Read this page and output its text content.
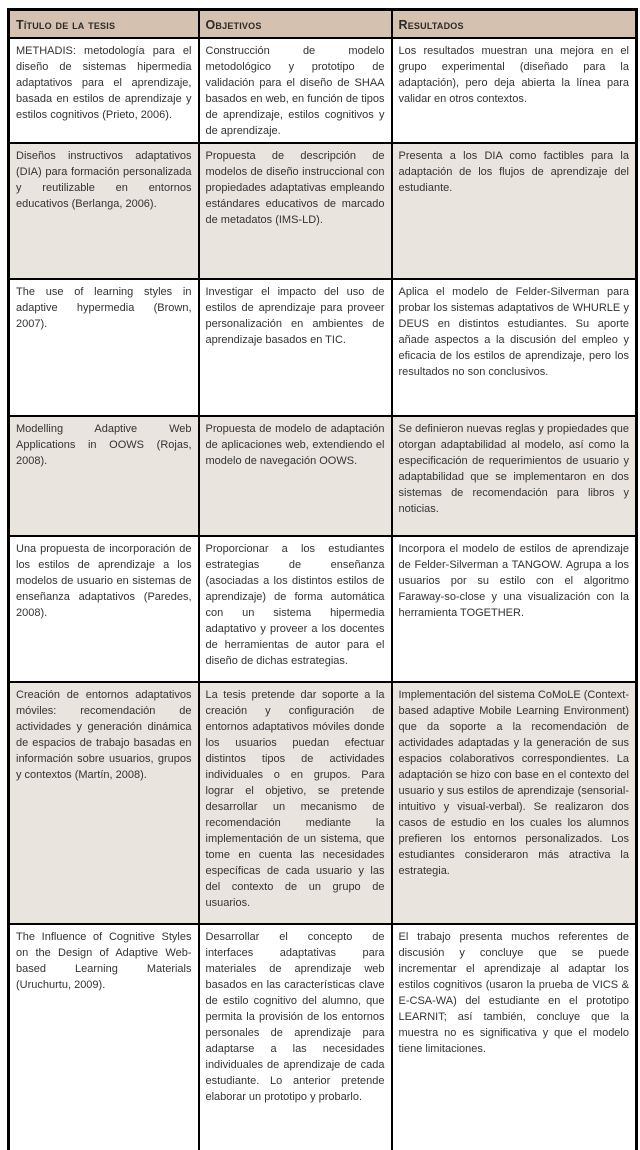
Título de la tesis	Objetivos	Resultados
METHADIS: metodología para el diseño de sistemas hipermedia adaptativos para el aprendizaje, basada en estilos de aprendizaje y estilos cognitivos (Prieto, 2006).	Construcción de modelo metodológico y prototipo de validación para el diseño de SHAA basados en web, en función de tipos de aprendizaje, estilos cognitivos y de aprendizaje.	Los resultados muestran una mejora en el grupo experimental (diseñado para la adaptación), pero deja abierta la línea para validar en otros contextos.
Diseños instructivos adaptativos (DIA) para formación personalizada y reutilizable en entornos educativos (Berlanga, 2006).	Propuesta de descripción de modelos de diseño instruccional con propiedades adaptativas empleando estándares educativos de marcado de metadatos (IMS-LD).	Presenta a los DIA como factibles para la adaptación de los flujos de aprendizaje del estudiante.
The use of learning styles in adaptive hypermedia (Brown, 2007).	Investigar el impacto del uso de estilos de aprendizaje para proveer personalización en ambientes de aprendizaje basados en TIC.	Aplica el modelo de Felder-Silverman para probar los sistemas adaptativos de WHURLE y DEUS en distintos estudiantes. Su aporte añade aspectos a la discusión del empleo y eficacia de los estilos de aprendizaje, pero los resultados no son conclusivos.
Modelling Adaptive Web Applications in OOWS (Rojas, 2008).	Propuesta de modelo de adaptación de aplicaciones web, extendiendo el modelo de navegación OOWS.	Se definieron nuevas reglas y propiedades que otorgan adaptabilidad al modelo, así como la especificación de requerimientos de usuario y adaptabilidad que se implementaron en dos sistemas de recomendación para libros y noticias.
Una propuesta de incorporación de los estilos de aprendizaje a los modelos de usuario en sistemas de enseñanza adaptativos (Paredes, 2008).	Proporcionar a los estudiantes estrategias de enseñanza (asociadas a los distintos estilos de aprendizaje) de forma automática con un sistema hipermedia adaptativo y proveer a los docentes de herramientas de autor para el diseño de dichas estrategias.	Incorpora el modelo de estilos de aprendizaje de Felder-Silverman a TANGOW. Agrupa a los usuarios por su estilo con el algoritmo Faraway-so-close y una visualización con la herramienta TOGETHER.
Creación de entornos adaptativos móviles: recomendación de actividades y generación dinámica de espacios de trabajo basadas en información sobre usuarios, grupos y contextos (Martín, 2008).	La tesis pretende dar soporte a la creación y configuración de entornos adaptativos móviles donde los usuarios puedan efectuar distintos tipos de actividades individuales o en grupos. Para lograr el objetivo, se pretende desarrollar un mecanismo de recomendación mediante la implementación de un sistema, que tome en cuenta las necesidades específicas de cada usuario y las del contexto de un grupo de usuarios.	Implementación del sistema CoMoLE (Context-based adaptive Mobile Learning Environment) que da soporte a la recomendación de actividades adaptadas y la generación de sus espacios colaborativos correspondientes. La adaptación se hizo con base en el contexto del usuario y sus estilos de aprendizaje (sensorial-intuitivo y visual-verbal). Se realizaron dos casos de estudio en los cuales los alumnos prefieren los entornos personalizados. Los estudiantes consideraron más atractiva la estrategia.
The Influence of Cognitive Styles on the Design of Adaptive Web-based Learning Materials (Uruchurtu, 2009).	Desarrollar el concepto de interfaces adaptativas para materiales de aprendizaje web basados en las características clave de estilo cognitivo del alumno, que permita la provisión de los entornos personales de aprendizaje para adaptarse a las necesidades individuales de aprendizaje de cada estudiante. Lo anterior pretende elaborar un prototipo y probarlo.	El trabajo presenta muchos referentes de discusión y concluye que se puede incrementar el aprendizaje al adaptar los estilos cognitivos (usaron la prueba de VICS & E-CSA-WA) del estudiante en el prototipo LEARNIT; así también, concluye que la muestra no es significativa y que el modelo tiene limitaciones.
